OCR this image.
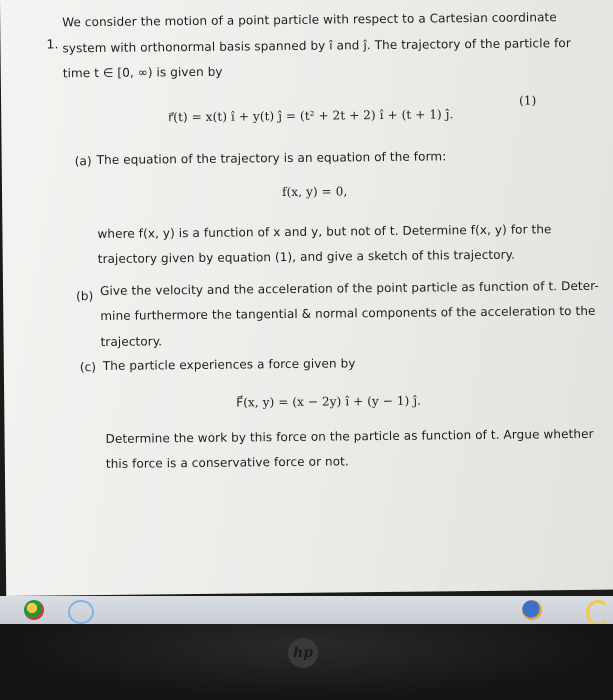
1.
We consider the motion of a point particle with respect to a Cartesian coordinate
system with orthonormal basis spanned by î and ĵ. The trajectory of the particle for
time t ∈ [0, ∞) is given by
r⃗(t) = x(t) î + y(t) ĵ = (t² + 2t + 2) î + (t + 1) ĵ.
(1)
(a) The equation of the trajectory is an equation of the form:
f(x, y) = 0,
where f(x, y) is a function of x and y, but not of t. Determine f(x, y) for the
trajectory given by equation (1), and give a sketch of this trajectory.
(b) Give the velocity and the acceleration of the point particle as function of t. Deter-
mine furthermore the tangential & normal components of the acceleration to the
trajectory.
(c) The particle experiences a force given by
F⃗(x, y) = (x − 2y) î + (y − 1) ĵ.
Determine the work by this force on the particle as function of t. Argue whether
this force is a conservative force or not.
hp
